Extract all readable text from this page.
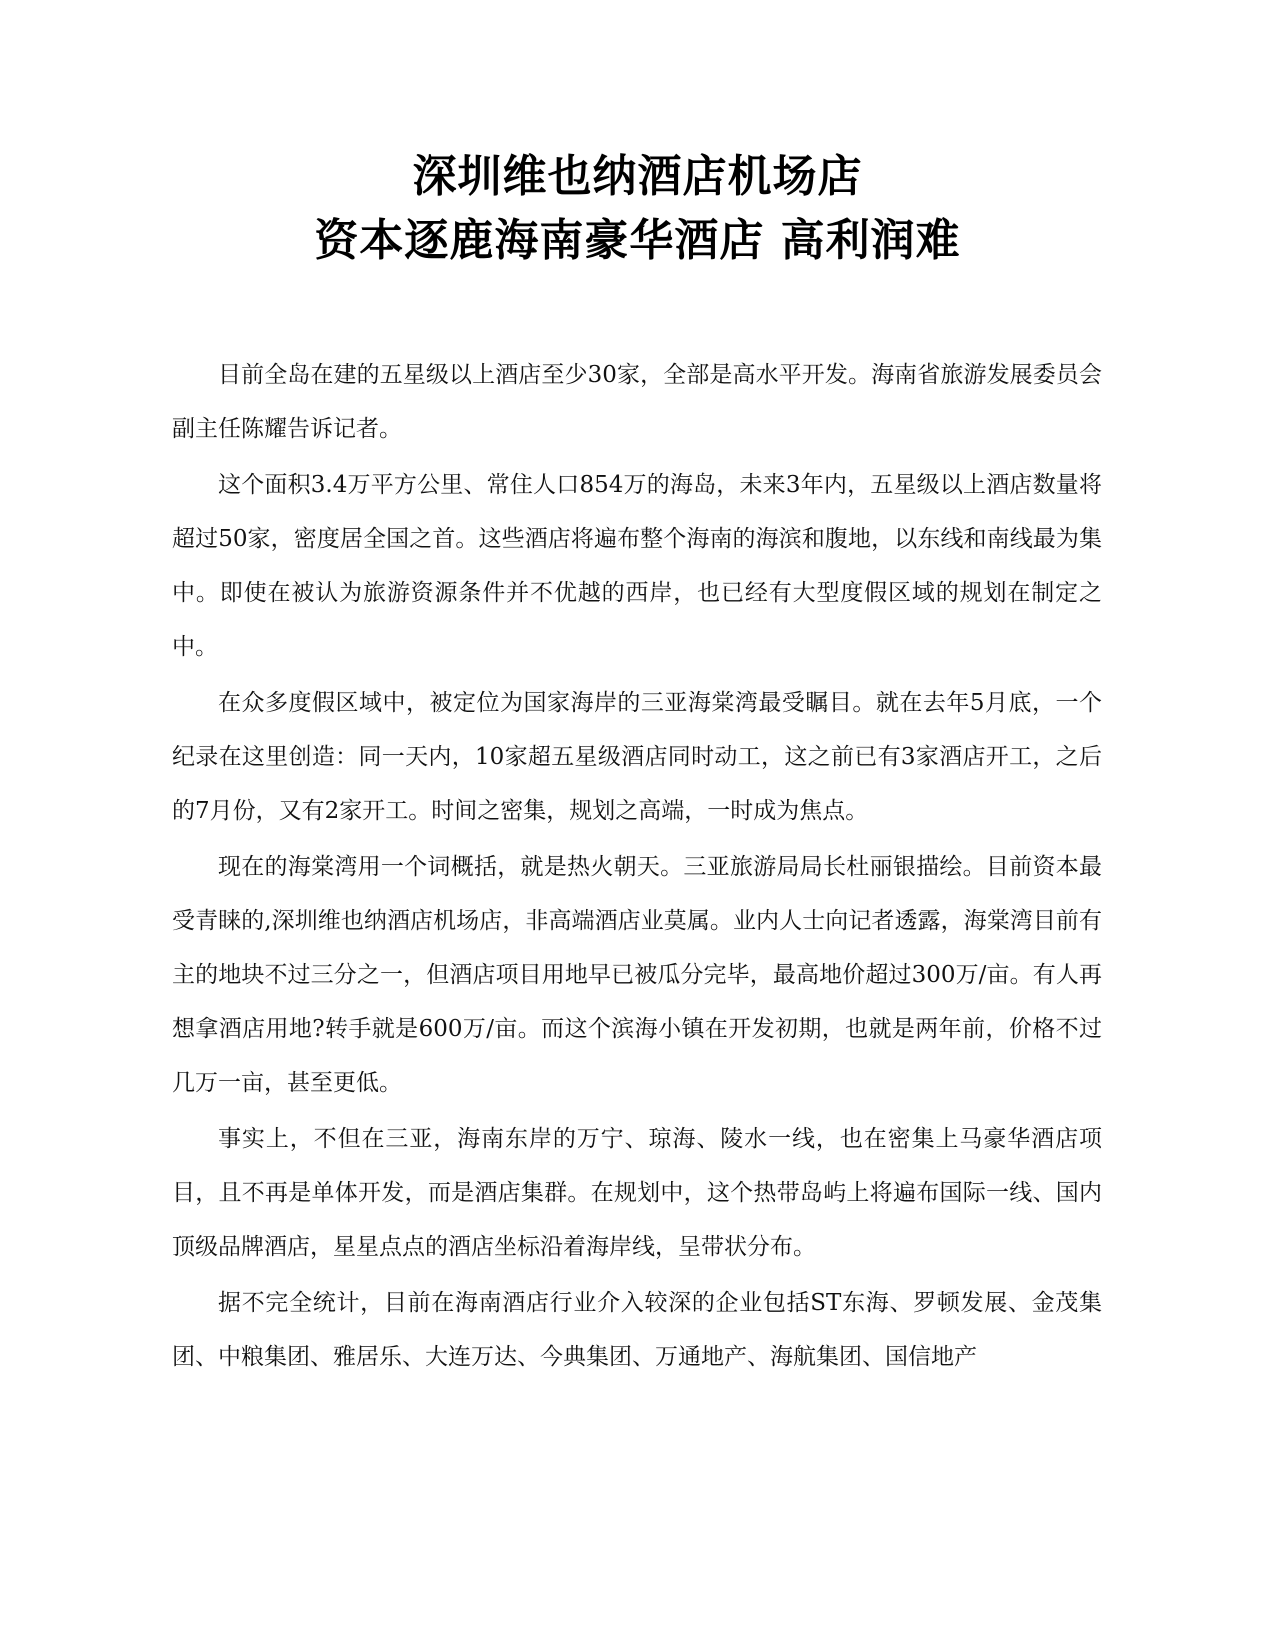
深圳维也纳酒店机场店
资本逐鹿海南豪华酒店 高利润难

目前全岛在建的五星级以上酒店至少30家，全部是高水平开发。海南省旅游发展委员会副主任陈耀告诉记者。

这个面积3.4万平方公里、常住人口854万的海岛，未来3年内，五星级以上酒店数量将超过50家，密度居全国之首。这些酒店将遍布整个海南的海滨和腹地，以东线和南线最为集中。即使在被认为旅游资源条件并不优越的西岸，也已经有大型度假区域的规划在制定之中。

在众多度假区域中，被定位为国家海岸的三亚海棠湾最受瞩目。就在去年5月底，一个纪录在这里创造：同一天内，10家超五星级酒店同时动工，这之前已有3家酒店开工，之后的7月份，又有2家开工。时间之密集，规划之高端，一时成为焦点。

现在的海棠湾用一个词概括，就是热火朝天。三亚旅游局局长杜丽银描绘。目前资本最受青睐的,深圳维也纳酒店机场店，非高端酒店业莫属。业内人士向记者透露，海棠湾目前有主的地块不过三分之一，但酒店项目用地早已被瓜分完毕，最高地价超过300万/亩。有人再想拿酒店用地?转手就是600万/亩。而这个滨海小镇在开发初期，也就是两年前，价格不过几万一亩，甚至更低。

事实上，不但在三亚，海南东岸的万宁、琼海、陵水一线，也在密集上马豪华酒店项目，且不再是单体开发，而是酒店集群。在规划中，这个热带岛屿上将遍布国际一线、国内顶级品牌酒店，星星点点的酒店坐标沿着海岸线，呈带状分布。

据不完全统计，目前在海南酒店行业介入较深的企业包括ST东海、罗顿发展、金茂集团、中粮集团、雅居乐、大连万达、今典集团、万通地产、海航集团、国信地产
